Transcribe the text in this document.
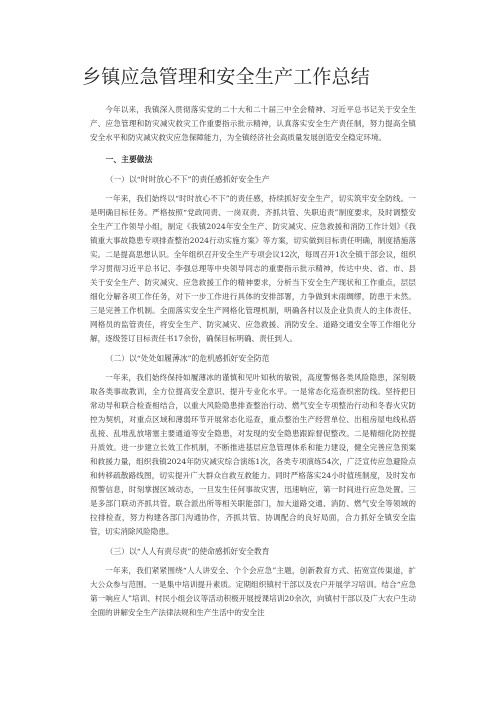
乡镇应急管理和安全生产工作总结

今年以来，我镇深入贯彻落实党的二十大和二十届三中全会精神、习近平总书记关于安全生产、应急管理和防灾减灾救灾工作重要指示批示精神，认真落实安全生产责任制，努力提高全镇安全水平和防灾减灾救灾应急保障能力，为全镇经济社会高质量发展创造安全稳定环境。

一、主要做法

（一）以“时时放心不下”的责任感抓好安全生产

一年来，我们始终以“时时放心不下”的责任感，持续抓好安全生产，切实筑牢安全防线。一是明确目标任务。严格按照“党政同责、一岗双责、齐抓共管、失职追责”制度要求，及时调整安全生产工作领导小组，制定《我镇2024年安全生产、防灾减灾、应急救援和消防工作计划》《我镇重大事故隐患专项排查整治2024行动实施方案》等方案，切实做到目标责任明确，制度措施落实。二是提高思想认识。全年组织召开安全生产专项会议12次，每周召开1次全镇干部会议，组织学习贯彻习近平总书记、李强总理等中央领导同志的重要指示批示精神，传达中央、省、市、县关于安全生产、防灾减灾、应急救援工作的精神要求，分析当下安全生产现状和工作重点，层层细化分解各项工作任务，对下一步工作进行具体的安排部署，力争做到未雨绸缪，防患于未然。三是完善工作机制。全面落实安全生产网格化管理机制，明确各村以及企业负责人的主体责任、网格员的监管责任，将安全生产、防灾减灾、应急救援、消防安全、道路交通安全等工作细化分解，逐级签订目标责任书17余份，确保目标明确、责任到人。

（二）以“处处如履薄冰”的危机感抓好安全防范

一年来，我们始终保持如履薄冰的谨慎和见叶知秋的敏锐，高度警惕各类风险隐患，深刻吸取各类事故教训，全方位提高安全意识、提升专业化水平。一是常态化巡查织密防线。坚持把日常动导和联合检查相结合，以重大风险隐患排查整治行动、燃气安全专项整治行动和冬春火灾防控为契机，对重点区域和薄弱环节开展常态化巡查，重点整治生产经营单位、出租房屋电线私搭乱接、乱堆乱放堵塞主要通道等安全隐患，对发现的安全隐患跟踪督促整改。二是精细化防控提升质效。进一步建立长效工作机制，不断推进基层应急管理体系和能力建设，健全完善应急预案和救援力量，组织我镇2024年防灾减灾综合演练1次，各类专项演练54次，广泛宣传应急避险点和转移疏散路线图，切实提升广大群众自救互救能力。同时严格落实24小时值班制度，及时发布预警信息，时刻掌握区域动态，一旦发生任何事故灾害，迅速响应，第一时间进行应急处置。三是多部门联动齐抓共管。联合派出所等相关职能部门，加大道路交通、消防、燃气安全等领域的拉排检查，努力构建各部门沟通协作，齐抓共管、协调配合的良好局面，合力抓好全镇安全监管，切实消除风险隐患。

（三）以“人人有责尽责”的使命感抓好安全教育

一年来，我们紧紧围绕“人人讲安全、个个会应急”主题，创新教育方式、拓宽宣传渠道，扩大公众参与范围。一是集中培训提升素质。定期组织镇村干部以及农户开展学习培训。结合“应急第一响应人”培训、村民小组会议等活动积极开展授课培训20余次，向镇村干部以及广大农户生动全面的讲解安全生产法律法规和生产生活中的安全注
